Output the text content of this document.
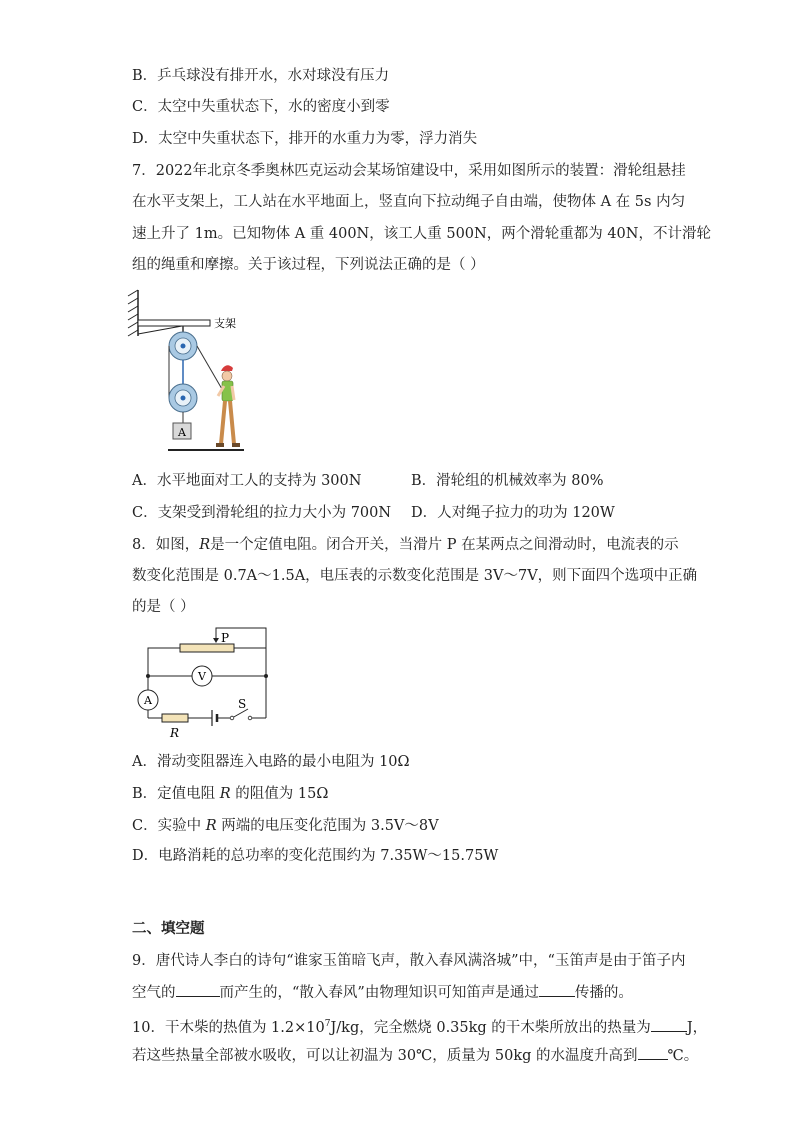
B．乒乓球没有排开水，水对球没有压力
C．太空中失重状态下，水的密度小到零
D．太空中失重状态下，排开的水重力为零，浮力消失
7．2022年北京冬季奥林匹克运动会某场馆建设中，采用如图所示的装置：滑轮组悬挂
在水平支架上，工人站在水平地面上，竖直向下拉动绳子自由端，使物体 A 在 5s 内匀
速上升了 1m。已知物体 A 重 400N，该工人重 500N，两个滑轮重都为 40N，不计滑轮
组的绳重和摩擦。关于该过程，下列说法正确的是（ ）
支架
A
A．水平地面对工人的支持为 300N	B．滑轮组的机械效率为 80%
C．支架受到滑轮组的拉力大小为 700N D．人对绳子拉力的功为 120W
8．如图，R是一个定值电阻。闭合开关，当滑片 P 在某两点之间滑动时，电流表的示
数变化范围是 0.7A～1.5A，电压表的示数变化范围是 3V～7V，则下面四个选项中正确
的是（ ）
P
V
A	S
R
A．滑动变阻器连入电路的最小电阻为 10Ω
B．定值电阻 R 的阻值为 15Ω
C．实验中 R 两端的电压变化范围为 3.5V～8V
D．电路消耗的总功率的变化范围约为 7.35W～15.75W
二、填空题
9．唐代诗人李白的诗句“谁家玉笛暗飞声，散入春风满洛城”中，“玉笛声是由于笛子内
空气的	而产生的，“散入春风”由物理知识可知笛声是通过 传播的。
10．干木柴的热值为 $1.2\times 10^7J/kg$，完全燃烧 0.35kg 的干木柴所放出的热量为 J，
若这些热量全部被水吸收，可以让初温为 30℃，质量为 50kg 的水温度升高到 ℃。
